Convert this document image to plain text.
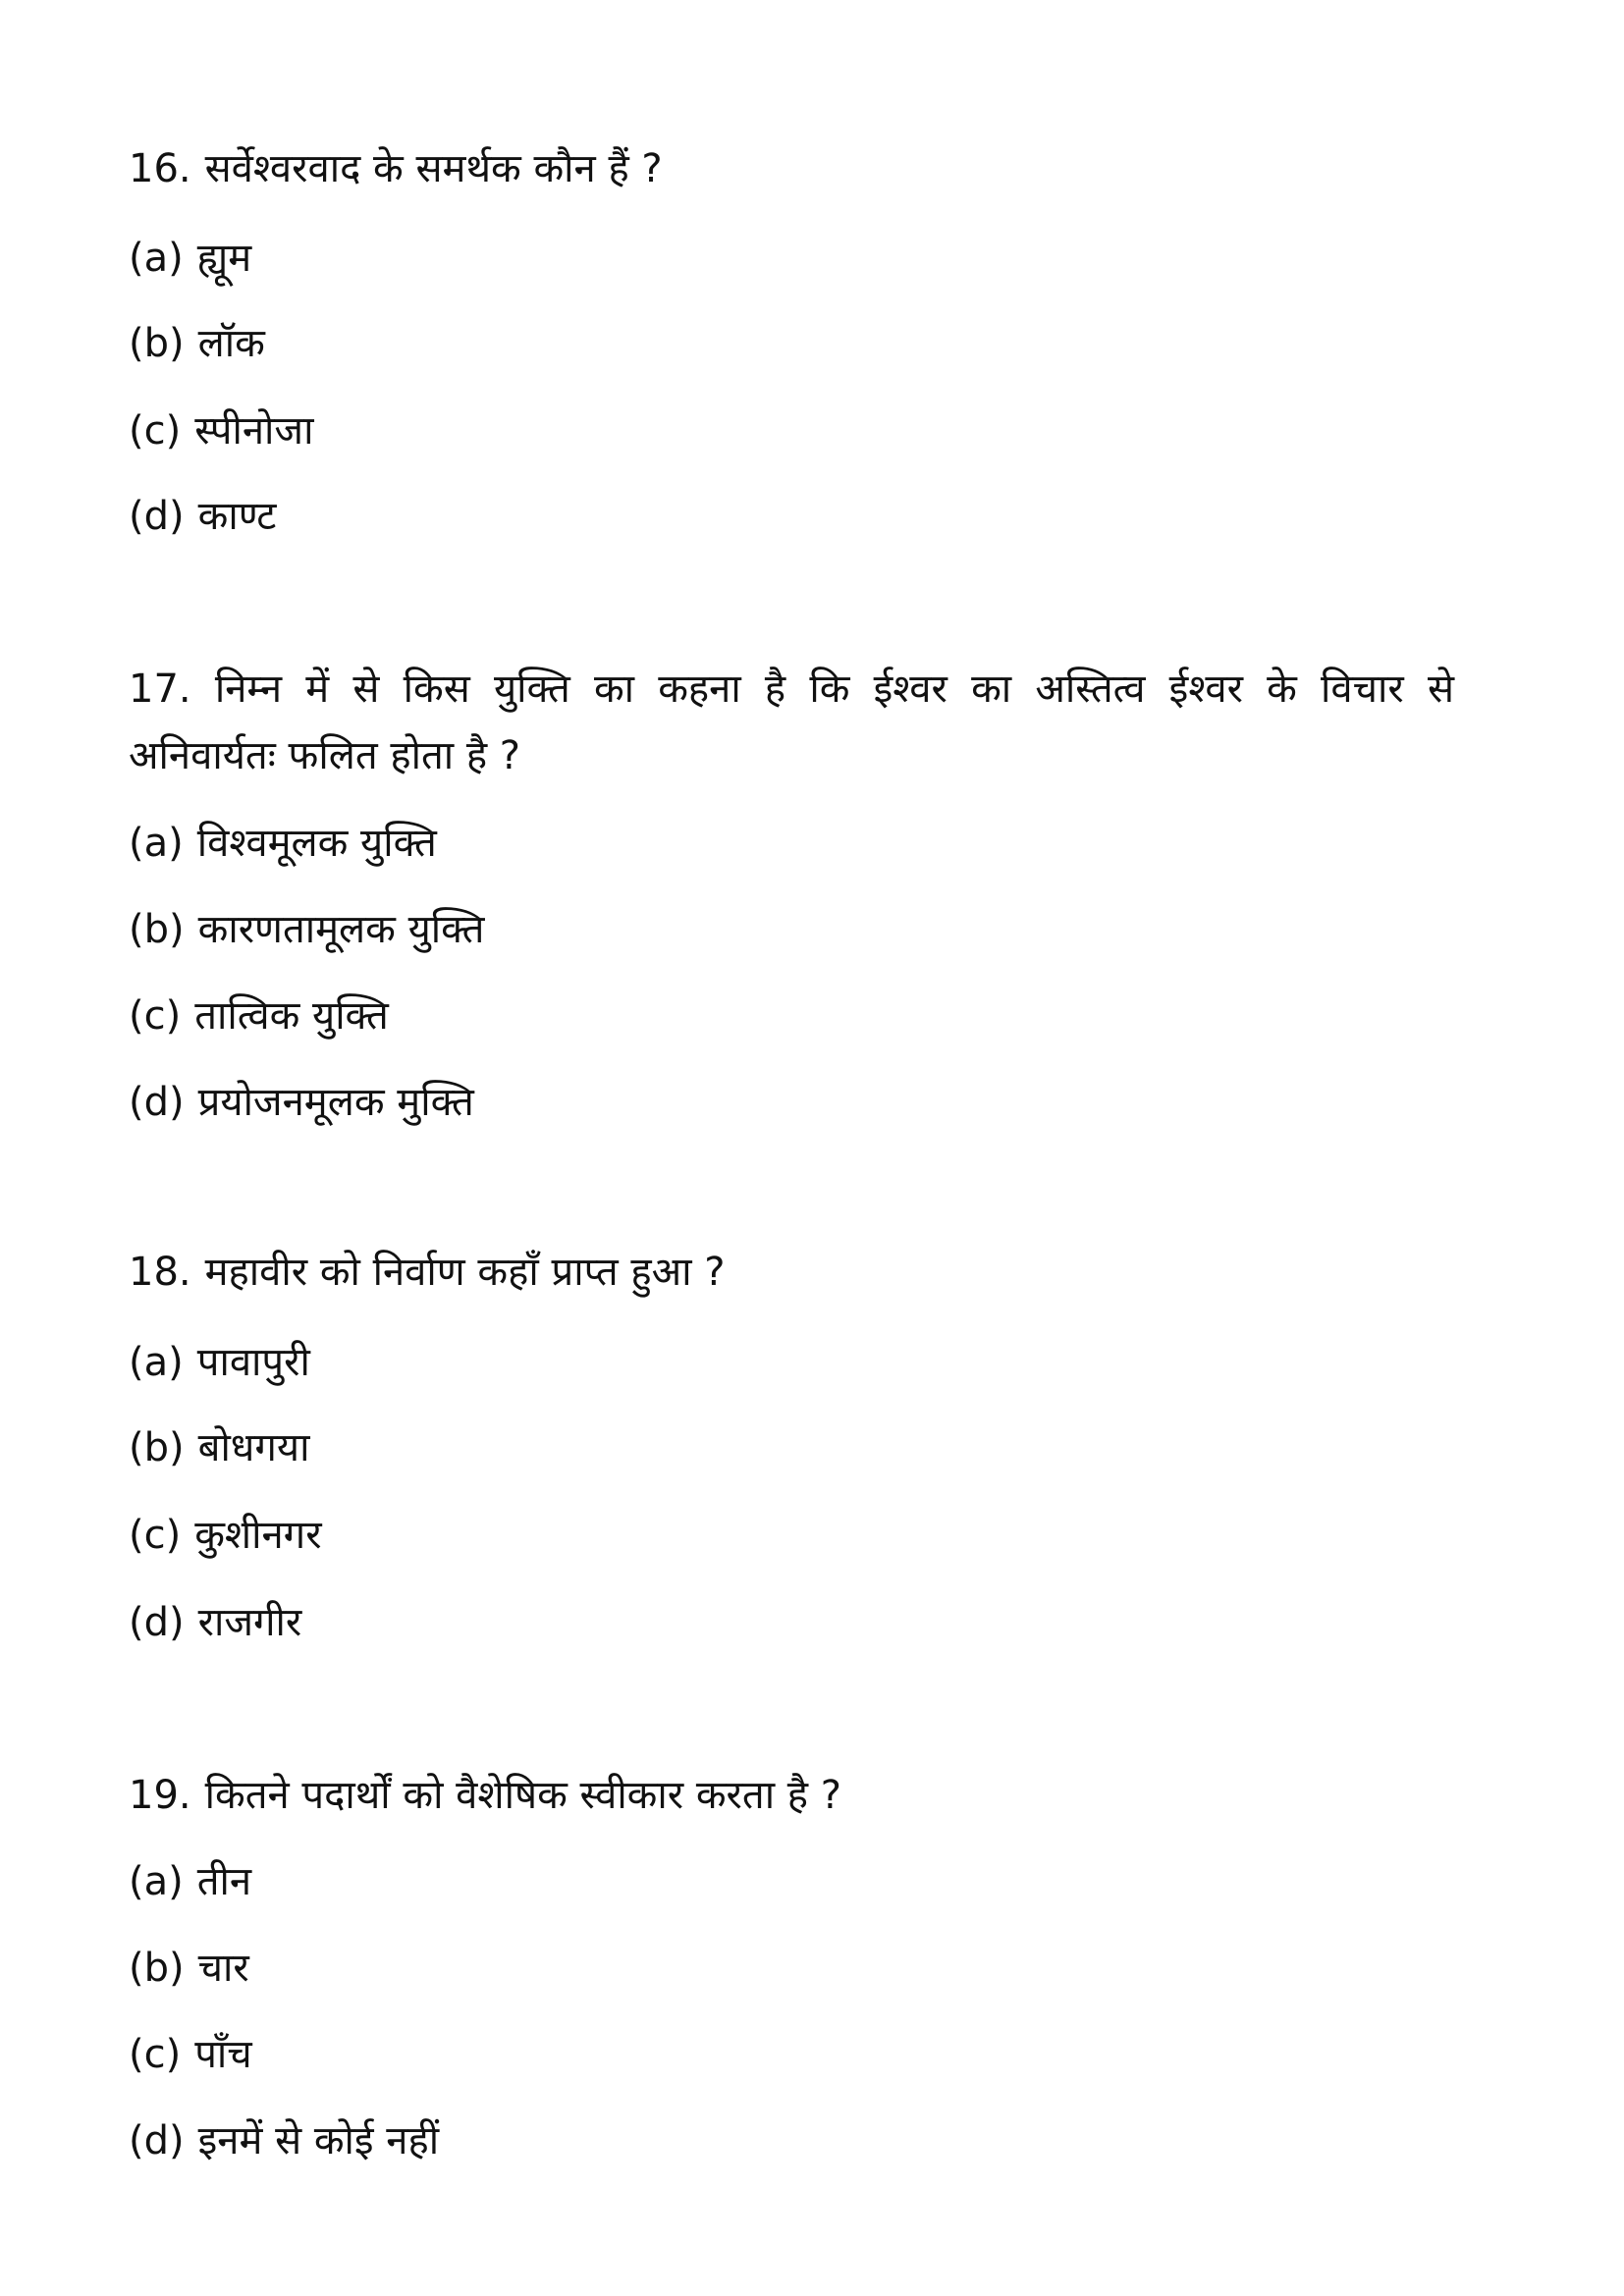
16. सर्वेश्वरवाद के समर्थक कौन हैं ?
(a) ह्यूम
(b) लॉक
(c) स्पीनोजा
(d) काण्ट
17. निम्न में से किस युक्ति का कहना है कि ईश्वर का अस्तित्व ईश्वर के विचार से
अनिवार्यतः फलित होता है ?
(a) विश्वमूलक युक्ति
(b) कारणतामूलक युक्ति
(c) तात्विक युक्ति
(d) प्रयोजनमूलक मुक्ति
18. महावीर को निर्वाण कहाँ प्राप्त हुआ ?
(a) पावापुरी
(b) बोधगया
(c) कुशीनगर
(d) राजगीर
19. कितने पदार्थों को वैशेषिक स्वीकार करता है ?
(a) तीन
(b) चार
(c) पाँच
(d) इनमें से कोई नहीं
